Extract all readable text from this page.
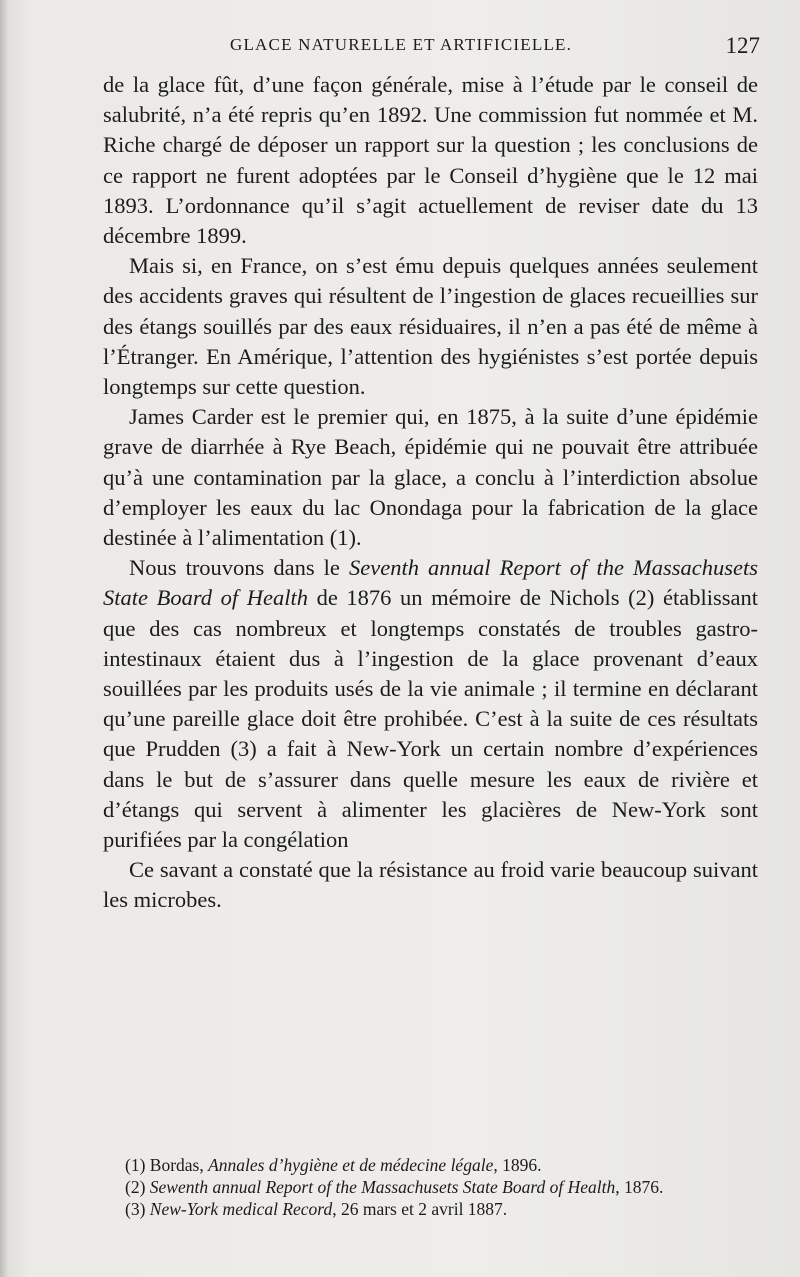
GLACE NATURELLE ET ARTIFICIELLE.	127

de la glace fût, d’une façon générale, mise à l’étude par le conseil de salubrité, n’a été repris qu’en 1892. Une commission fut nommée et M. Riche chargé de déposer un rapport sur la question ; les conclusions de ce rapport ne furent adoptées par le Conseil d’hygiène que le 12 mai 1893. L’ordonnance qu’il s’agit actuellement de reviser date du 13 décembre 1899.

Mais si, en France, on s’est ému depuis quelques années seulement des accidents graves qui résultent de l’ingestion de glaces recueillies sur des étangs souillés par des eaux résiduaires, il n’en a pas été de même à l’Étranger. En Amérique, l’attention des hygiénistes s’est portée depuis longtemps sur cette question.

James Carder est le premier qui, en 1875, à la suite d’une épidémie grave de diarrhée à Rye Beach, épidémie qui ne pouvait être attribuée qu’à une contamination par la glace, a conclu à l’interdiction absolue d’employer les eaux du lac Onondaga pour la fabrication de la glace destinée à l’alimentation (1).

Nous trouvons dans le Seventh annual Report of the Massachusets State Board of Health de 1876 un mémoire de Nichols (2) établissant que des cas nombreux et longtemps constatés de troubles gastro-intestinaux étaient dus à l’ingestion de la glace provenant d’eaux souillées par les produits usés de la vie animale ; il termine en déclarant qu’une pareille glace doit être prohibée. C’est à la suite de ces résultats que Prudden (3) a fait à New-York un certain nombre d’expériences dans le but de s’assurer dans quelle mesure les eaux de rivière et d’étangs qui servent à alimenter les glacières de New-York sont purifiées par la congélation

Ce savant a constaté que la résistance au froid varie beaucoup suivant les microbes.

(1) Bordas, Annales d’hygiène et de médecine légale, 1896.

(2) Sewenth annual Report of the Massachusets State Board of Health, 1876.

(3) New-York medical Record, 26 mars et 2 avril 1887.
